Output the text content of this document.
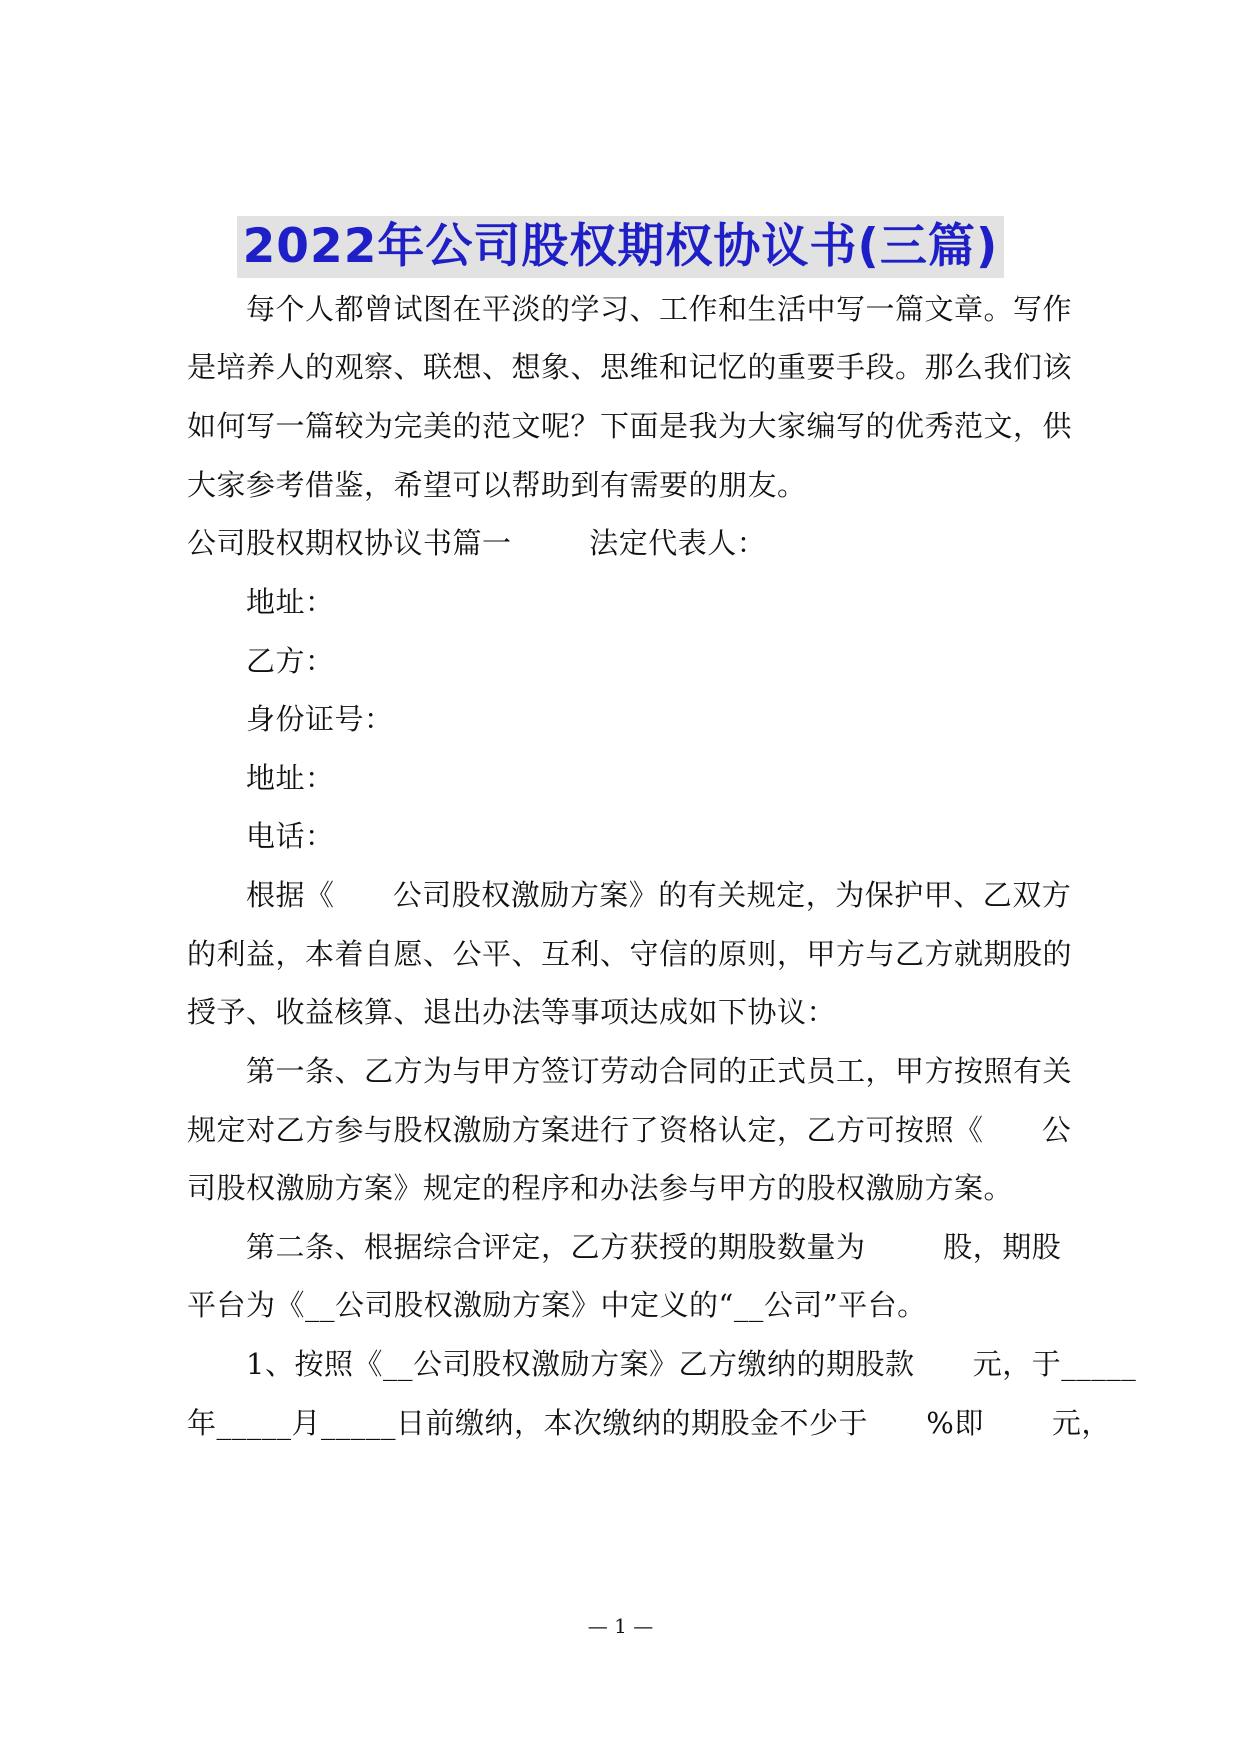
2022年公司股权期权协议书(三篇)
每个人都曾试图在平淡的学习、工作和生活中写一篇文章。写作
是培养人的观察、联想、想象、思维和记忆的重要手段。那么我们该
如何写一篇较为完美的范文呢？下面是我为大家编写的优秀范文，供
大家参考借鉴，希望可以帮助到有需要的朋友。
公司股权期权协议书篇一        法定代表人：
地址：
乙方：
身份证号：
地址：
电话：
根据《      公司股权激励方案》的有关规定，为保护甲、乙双方
的利益，本着自愿、公平、互利、守信的原则，甲方与乙方就期股的
授予、收益核算、退出办法等事项达成如下协议：
第一条、乙方为与甲方签订劳动合同的正式员工，甲方按照有关
规定对乙方参与股权激励方案进行了资格认定，乙方可按照《      公
司股权激励方案》规定的程序和办法参与甲方的股权激励方案。
第二条、根据综合评定，乙方获授的期股数量为        股，期股
平台为《__公司股权激励方案》中定义的“__公司”平台。
1、按照《__公司股权激励方案》乙方缴纳的期股款      元，于_____
年_____月_____日前缴纳，本次缴纳的期股金不少于      %即       元，
— 1 —
